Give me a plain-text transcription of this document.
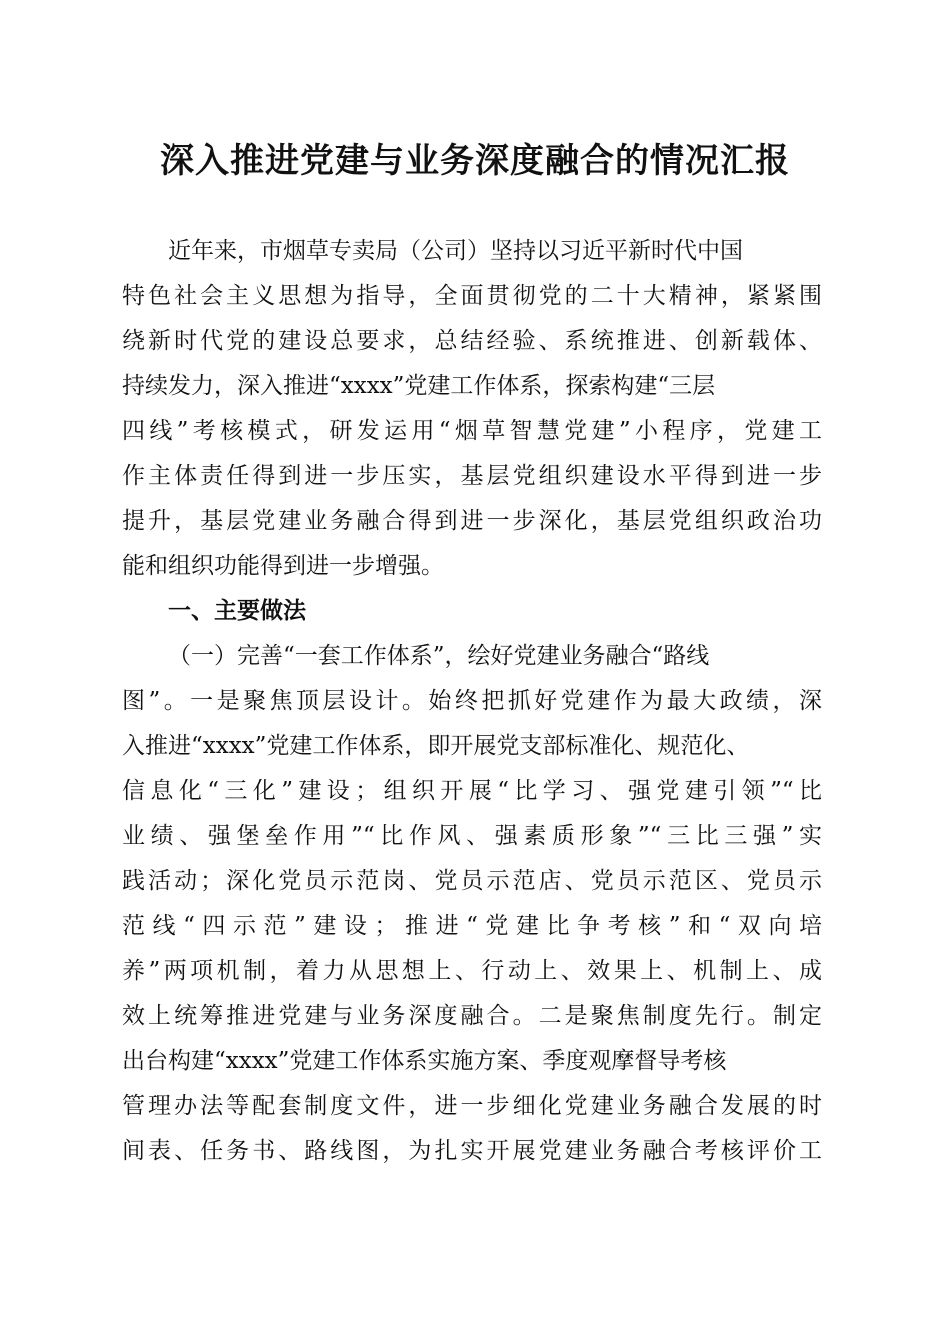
深入推进党建与业务深度融合的情况汇报

近年来，市烟草专卖局（公司）坚持以习近平新时代中国

特色社会主义思想为指导，全面贯彻党的二十大精神，紧紧围

绕新时代党的建设总要求，总结经验、系统推进、创新载体、

持续发力，深入推进“xxxx”党建工作体系，探索构建“三层

四线”考核模式，研发运用“烟草智慧党建”小程序，党建工

作主体责任得到进一步压实，基层党组织建设水平得到进一步

提升，基层党建业务融合得到进一步深化，基层党组织政治功

能和组织功能得到进一步增强。

一、主要做法

（一）完善“一套工作体系”，绘好党建业务融合“路线

图”。一是聚焦顶层设计。始终把抓好党建作为最大政绩，深

入推进“xxxx”党建工作体系，即开展党支部标准化、规范化、

信息化“三化”建设；组织开展“比学习、强党建引领”“比

业绩、强堡垒作用”“比作风、强素质形象”“三比三强”实

践活动；深化党员示范岗、党员示范店、党员示范区、党员示

范线“四示范”建设；推进“党建比争考核”和“双向培

养”两项机制，着力从思想上、行动上、效果上、机制上、成

效上统筹推进党建与业务深度融合。二是聚焦制度先行。制定

出台构建“xxxx”党建工作体系实施方案、季度观摩督导考核

管理办法等配套制度文件，进一步细化党建业务融合发展的时

间表、任务书、路线图，为扎实开展党建业务融合考核评价工
